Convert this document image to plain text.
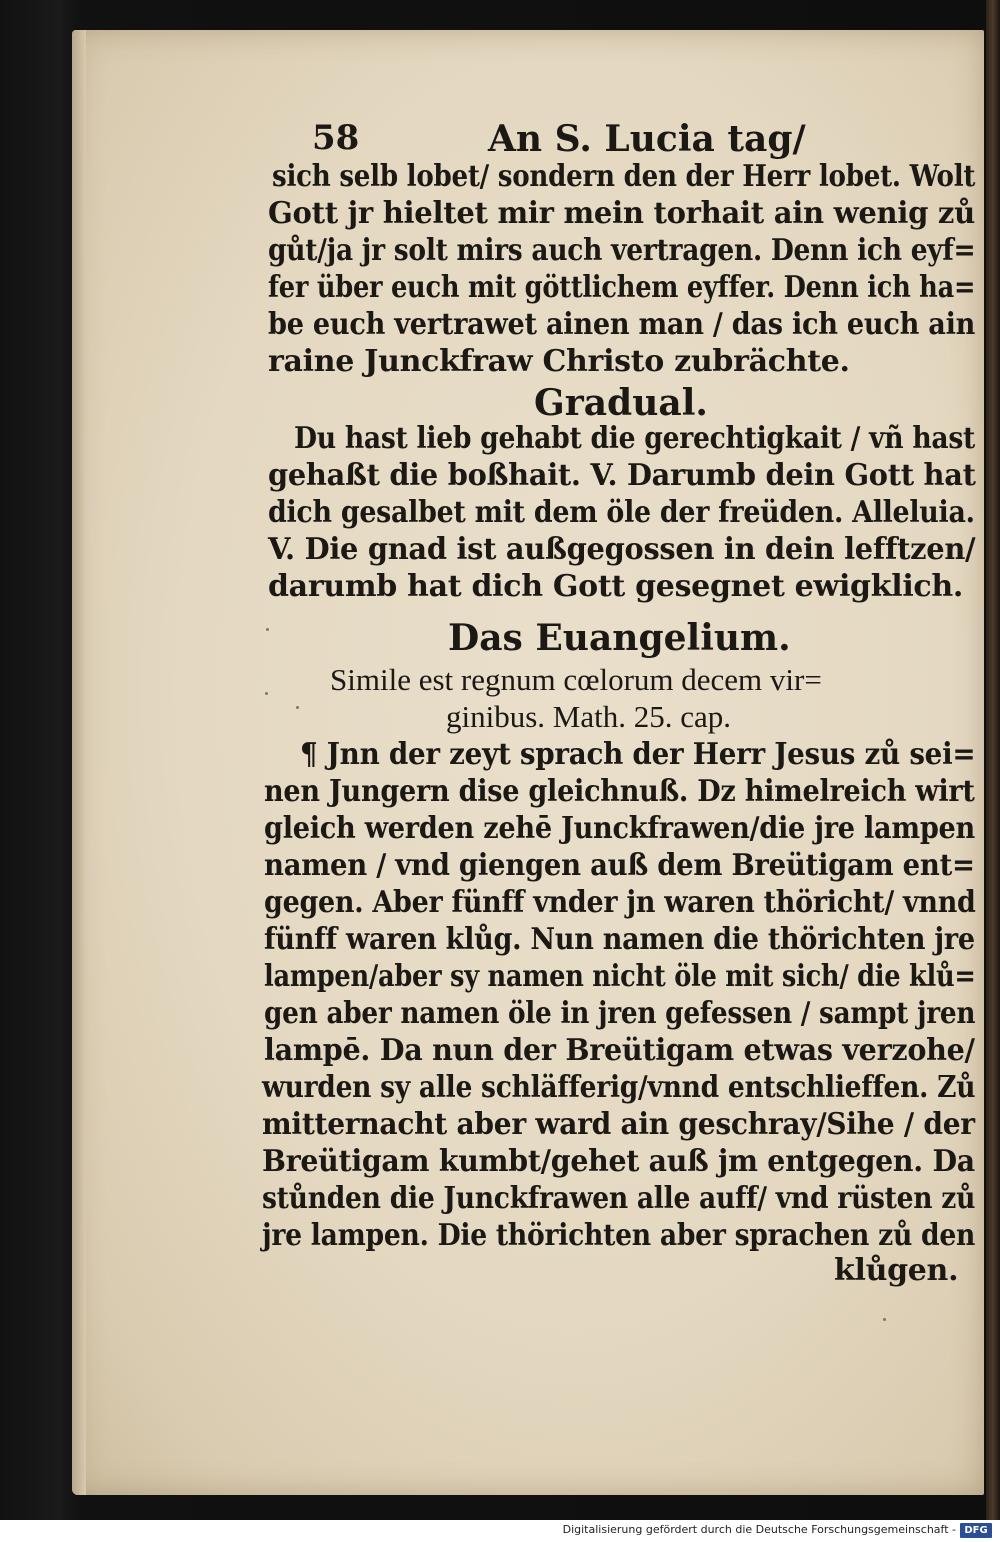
58	An S. Lucia tag/
sich selb lobet/ sondern den der Herr lobet. Wolt
Gott jr hieltet mir mein torhait ain wenig zů
gůt/ja jr solt mirs auch vertragen. Denn ich eyf=
fer über euch mit göttlichem eyffer. Denn ich ha=
be euch vertrawet ainen man / das ich euch ain
raine Junckfraw Christo zubrächte.
Gradual.
Du hast lieb gehabt die gerechtigkait / vñ hast
gehaßt die boßhait. V. Darumb dein Gott hat
dich gesalbet mit dem öle der freüden. Alleluia.
V. Die gnad ist außgegossen in dein lefftzen/
darumb hat dich Gott gesegnet ewigklich.
Das Euangelium.
Simile est regnum cœlorum decem vir=
ginibus. Math. 25. cap.
¶ Jnn der zeyt sprach der Herr Jesus zů sei=
nen Jungern dise gleichnuß. Dz himelreich wirt
gleich werden zehē Junckfrawen/die jre lampen
namen / vnd giengen auß dem Breütigam ent=
gegen. Aber fünff vnder jn waren thöricht/ vnnd
fünff waren klůg. Nun namen die thörichten jre
lampen/aber sy namen nicht öle mit sich/ die klů=
gen aber namen öle in jren gefessen / sampt jren
lampē. Da nun der Breütigam etwas verzohe/
wurden sy alle schläfferig/vnnd entschlieffen. Zů
mitternacht aber ward ain geschray/Sihe / der
Breütigam kumbt/gehet auß jm entgegen. Da
stůnden die Junckfrawen alle auff/ vnd rüsten zů
jre lampen. Die thörichten aber sprachen zů den
klůgen.
Digitalisierung gefördert durch die Deutsche Forschungsgemeinschaft - DFG
